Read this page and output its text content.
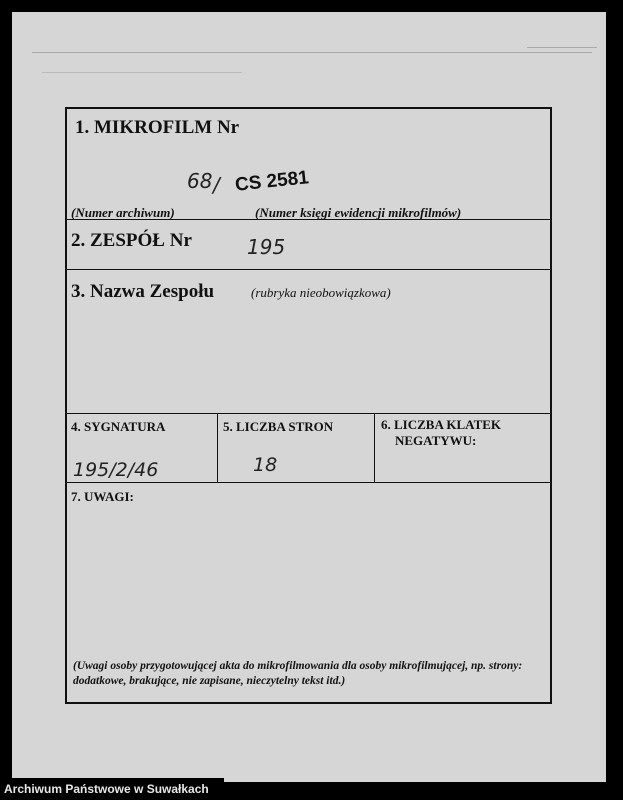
1. MIKROFILM Nr
68 / CS 2581
(Numer archiwum)	(Numer księgi ewidencji mikrofilmów)
2. ZESPÓŁ Nr	195
3. Nazwa Zespołu	(rubryka nieobowiązkowa)
4. SYGNATURA
195/2/46
5. LICZBA STRON
18
6. LICZBA KLATEK
NEGATYWU:
7. UWAGI:
(Uwagi osoby przygotowującej akta do mikrofilmowania dla osoby mikrofilmującej, np. strony: dodatkowe, brakujące, nie zapisane, nieczytelny tekst itd.)
Archiwum Państwowe w Suwałkach
